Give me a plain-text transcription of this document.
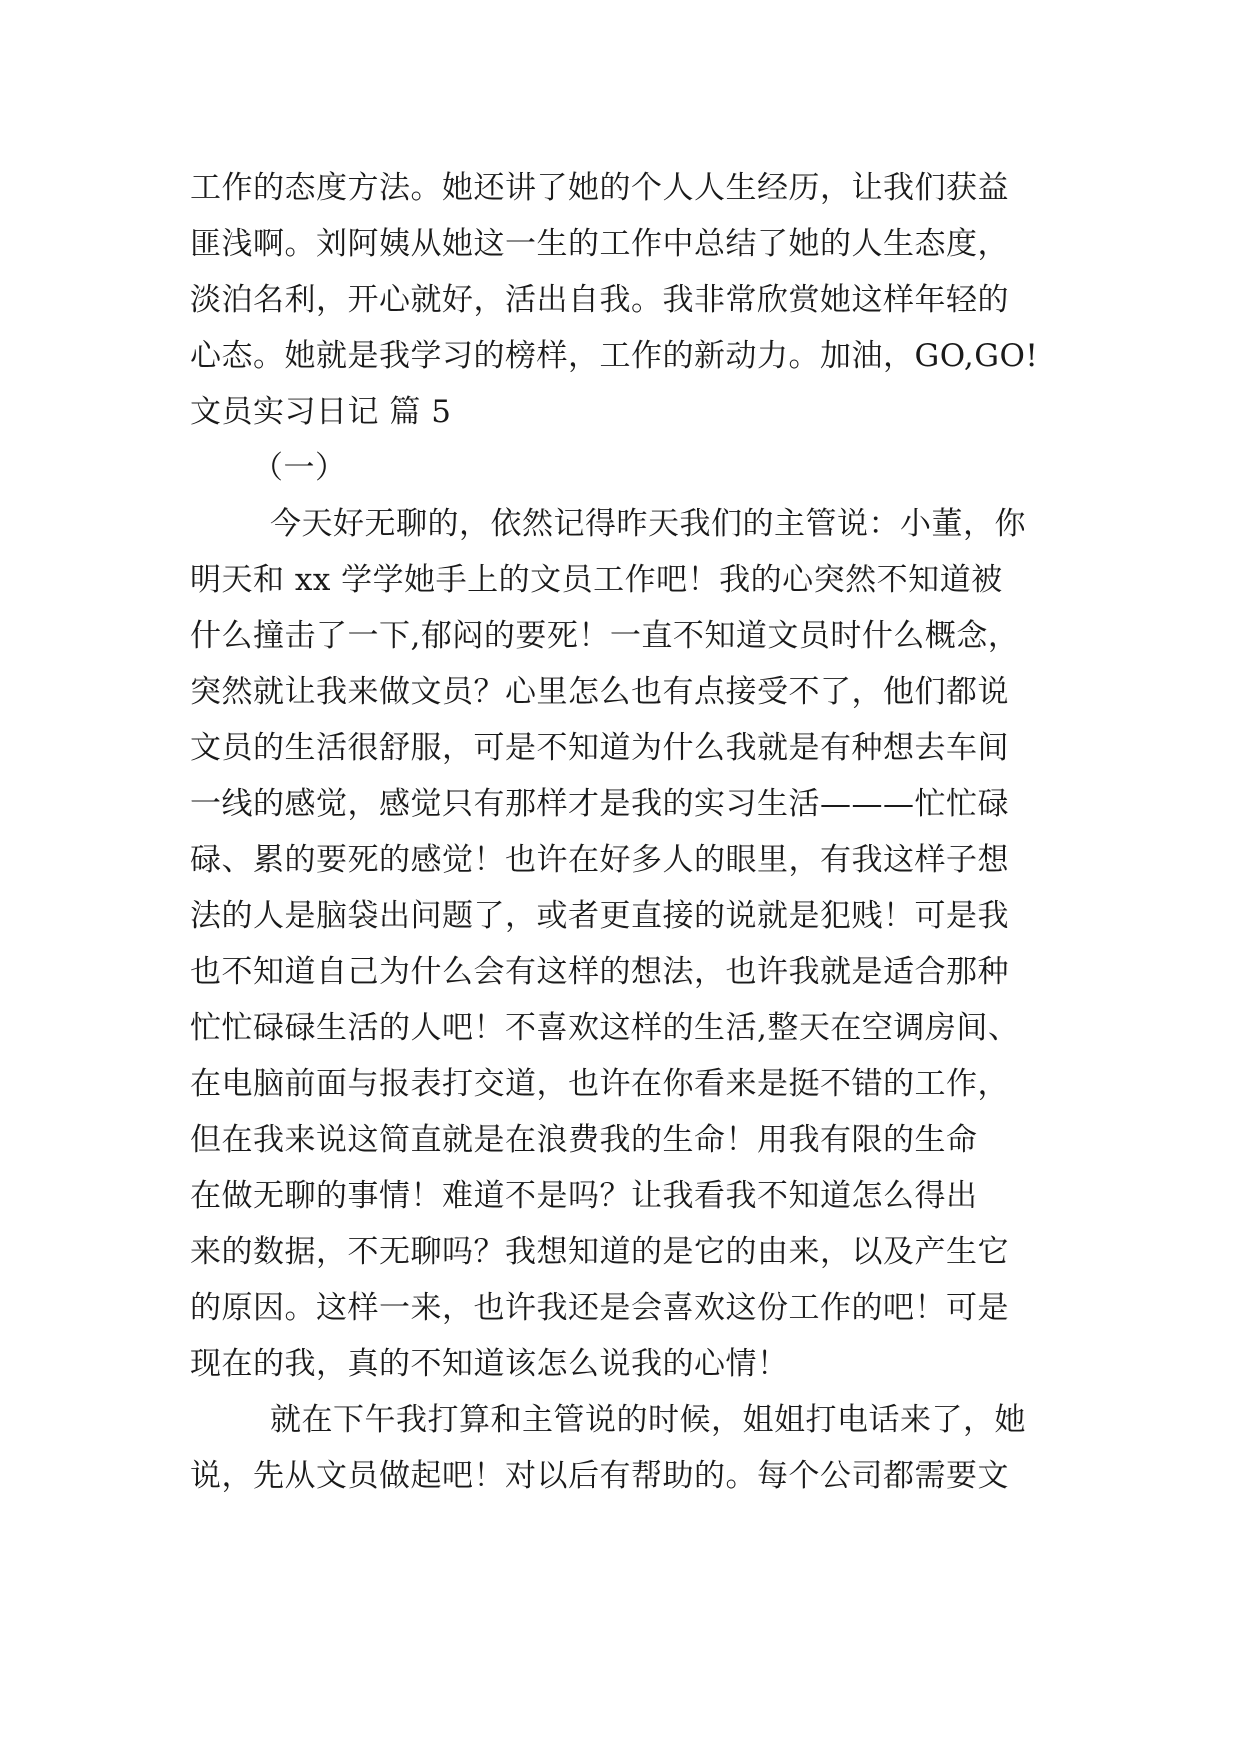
工作的态度方法。她还讲了她的个人人生经历，让我们获益
匪浅啊。刘阿姨从她这一生的工作中总结了她的人生态度，
淡泊名利，开心就好，活出自我。我非常欣赏她这样年轻的
心态。她就是我学习的榜样，工作的新动力。加油，GO,GO!
文员实习日记 篇 5
（一）
今天好无聊的，依然记得昨天我们的主管说：小董，你
明天和 xx 学学她手上的文员工作吧！我的心突然不知道被
什么撞击了一下,郁闷的要死！一直不知道文员时什么概念，
突然就让我来做文员？心里怎么也有点接受不了，他们都说
文员的生活很舒服，可是不知道为什么我就是有种想去车间
一线的感觉，感觉只有那样才是我的实习生活———忙忙碌
碌、累的要死的感觉！也许在好多人的眼里，有我这样子想
法的人是脑袋出问题了，或者更直接的说就是犯贱！可是我
也不知道自己为什么会有这样的想法，也许我就是适合那种
忙忙碌碌生活的人吧！不喜欢这样的生活,整天在空调房间、
在电脑前面与报表打交道，也许在你看来是挺不错的工作，
但在我来说这简直就是在浪费我的生命！用我有限的生命
在做无聊的事情！难道不是吗？让我看我不知道怎么得出
来的数据，不无聊吗？我想知道的是它的由来，以及产生它
的原因。这样一来，也许我还是会喜欢这份工作的吧！可是
现在的我，真的不知道该怎么说我的心情！
就在下午我打算和主管说的时候，姐姐打电话来了，她
说，先从文员做起吧！对以后有帮助的。每个公司都需要文
